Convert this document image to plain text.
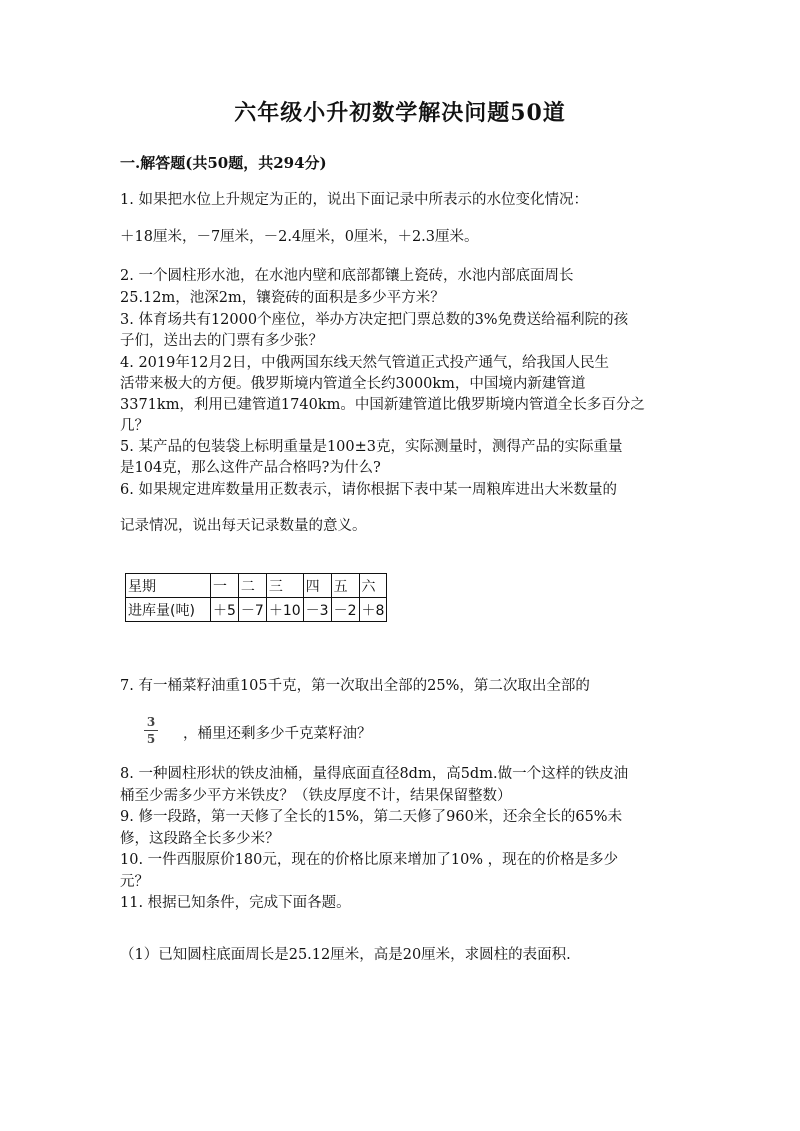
六年级小升初数学解决问题50道
一.解答题(共50题，共294分)
1. 如果把水位上升规定为正的，说出下面记录中所表示的水位变化情况：
＋18厘米，－7厘米，－2.4厘米，0厘米，＋2.3厘米。
2. 一个圆柱形水池，在水池内壁和底部都镶上瓷砖，水池内部底面周长
25.12m，池深2m，镶瓷砖的面积是多少平方米？
3. 体育场共有12000个座位，举办方决定把门票总数的3%免费送给福利院的孩
子们，送出去的门票有多少张？
4. 2019年12月2日，中俄两国东线天然气管道正式投产通气，给我国人民生
活带来极大的方便。俄罗斯境内管道全长约3000km，中国境内新建管道
3371km，利用已建管道1740km。中国新建管道比俄罗斯境内管道全长多百分之
几？
5. 某产品的包装袋上标明重量是100±3克，实际测量时，测得产品的实际重量
是104克，那么这件产品合格吗?为什么?
6. 如果规定进库数量用正数表示，请你根据下表中某一周粮库进出大米数量的
记录情况，说出每天记录数量的意义。
星期	一	二	三	四	五	六
进库量(吨)	＋5	－7	＋10	－3	－2	＋8
7. 有一桶菜籽油重105千克，第一次取出全部的25%，第二次取出全部的
3
5 ，桶里还剩多少千克菜籽油？
8. 一种圆柱形状的铁皮油桶，量得底面直径8dm，高5dm.做一个这样的铁皮油
桶至少需多少平方米铁皮？（铁皮厚度不计，结果保留整数）
9. 修一段路，第一天修了全长的15%，第二天修了960米，还余全长的65%未
修，这段路全长多少米？
10. 一件西服原价180元，现在的价格比原来增加了10% ，现在的价格是多少
元？
11. 根据已知条件，完成下面各题。
（1）已知圆柱底面周长是25.12厘米，高是20厘米，求圆柱的表面积.
